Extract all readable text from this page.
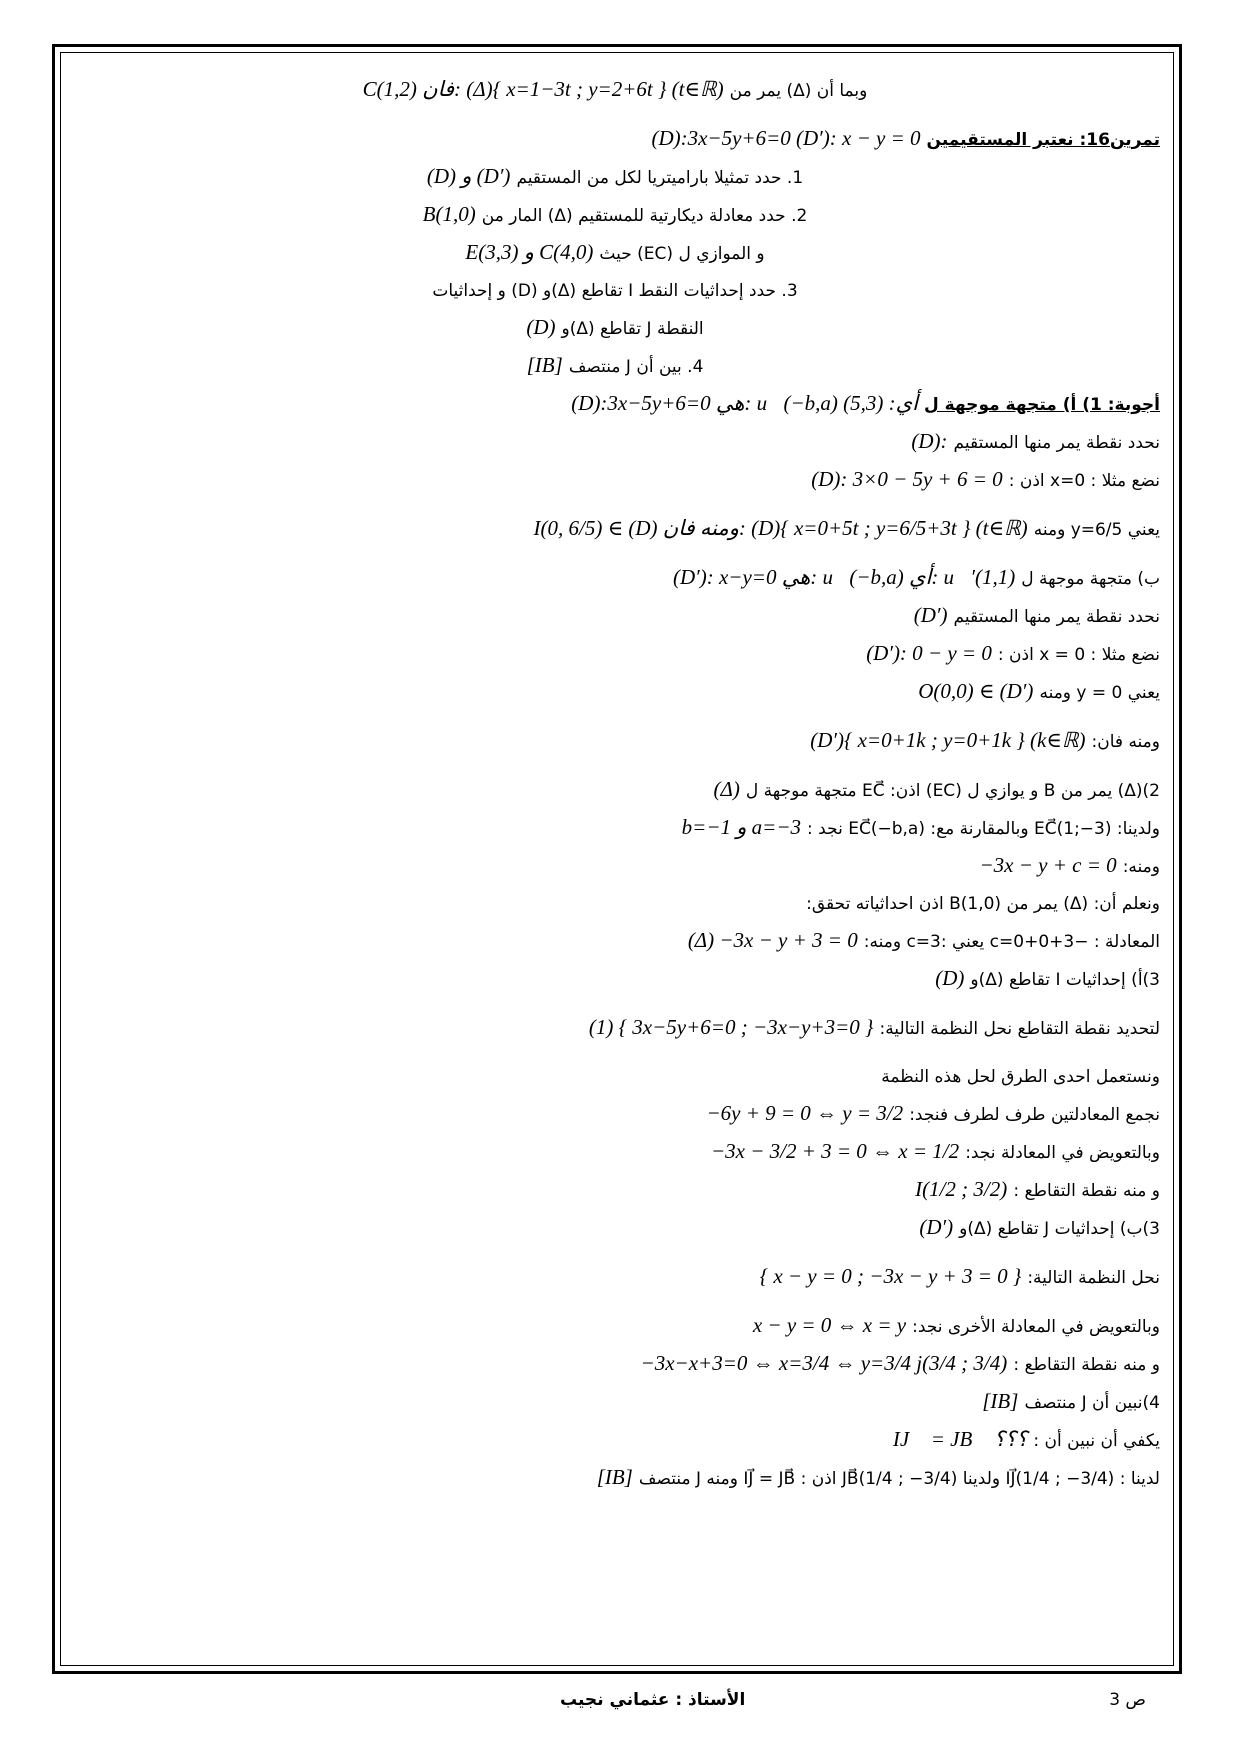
وبما أن (Δ) يمر من C(1,2) فان: (Δ){ x=1−3t ; y=2+6t } (t∈ℝ)
تمرين16: نعتبر المستقيمين (D):3x−5y+6=0 (D′): x − y = 0
1. حدد تمثيلا باراميتريا لكل من المستقيم (D) و (D′)
2. حدد معادلة ديكارتية للمستقيم (Δ) المار من B(1,0)
و الموازي ل (EC) حيث E(3,3) و C(4,0)
3. حدد إحداثيات النقط I تقاطع (Δ)و (D) و إحداثيات
النقطة J تقاطع (Δ)و (D)
4. بين أن J منتصف [IB]
أجوبة: 1) أ) متجهة موجهة ل (D):3x−5y+6=0 هي: u⃗(−b,a) أي: (5,3)
نحدد نقطة يمر منها المستقيم (D):
نضع مثلا : x=0 اذن : (D): 3×0 − 5y + 6 = 0
يعني y=6/5 ومنه I(0, 6/5) ∈ (D) ومنه فان: (D){ x=0+5t ; y=6/5+3t } (t∈ℝ)
ب) متجهة موجهة ل (D′): x−y=0 هي: u⃗(−b,a) أي: u⃗′(1,1)
نحدد نقطة يمر منها المستقيم (D′)
نضع مثلا : x = 0 اذن : (D′): 0 − y = 0
يعني y = 0 ومنه O(0,0) ∈ (D′)
ومنه فان: (D′){ x=0+1k ; y=0+1k } (k∈ℝ)
2)(Δ) يمر من B و يوازي ل (EC) اذن: EC⃗ متجهة موجهة ل (Δ)
ولدينا: EC⃗(1;−3) وبالمقارنة مع: EC⃗(−b,a) نجد : b=−1 و a=−3
ومنه: −3x − y + c = 0
ونعلم أن: (Δ) يمر من B(1,0) اذن احداثياته تحقق:
المعادلة : −3+0+c=0 يعني :c=3 ومنه: (Δ) −3x − y + 3 = 0
3)أ) إحداثيات I تقاطع (Δ)و (D)
لتحديد نقطة التقاطع نحل النظمة التالية: (1) { 3x−5y+6=0 ; −3x−y+3=0 }
ونستعمل احدى الطرق لحل هذه النظمة
نجمع المعادلتين طرف لطرف فنجد: −6y + 9 = 0 ⇔ y = 3/2
وبالتعويض في المعادلة نجد: −3x − 3/2 + 3 = 0 ⇔ x = 1/2
و منه نقطة التقاطع : I(1/2 ; 3/2)
3)ب) إحداثيات J تقاطع (Δ)و (D′)
نحل النظمة التالية: { x − y = 0 ; −3x − y + 3 = 0 }
وبالتعويض في المعادلة الأخرى نجد: x − y = 0 ⇔ x = y
و منه نقطة التقاطع : −3x−x+3=0 ⇔ x=3/4 ⇔ y=3/4 j(3/4 ; 3/4)
4)نبين أن J منتصف [IB]
يكفي أن نبين أن : IJ⃗ = JB⃗ ؟؟؟
لدينا : IJ⃗(1/4 ; −3/4) ولدينا JB⃗(1/4 ; −3/4) اذن : IJ⃗ = JB⃗ ومنه J منتصف [IB]
ص 3
الأستاذ : عثماني نجيب
